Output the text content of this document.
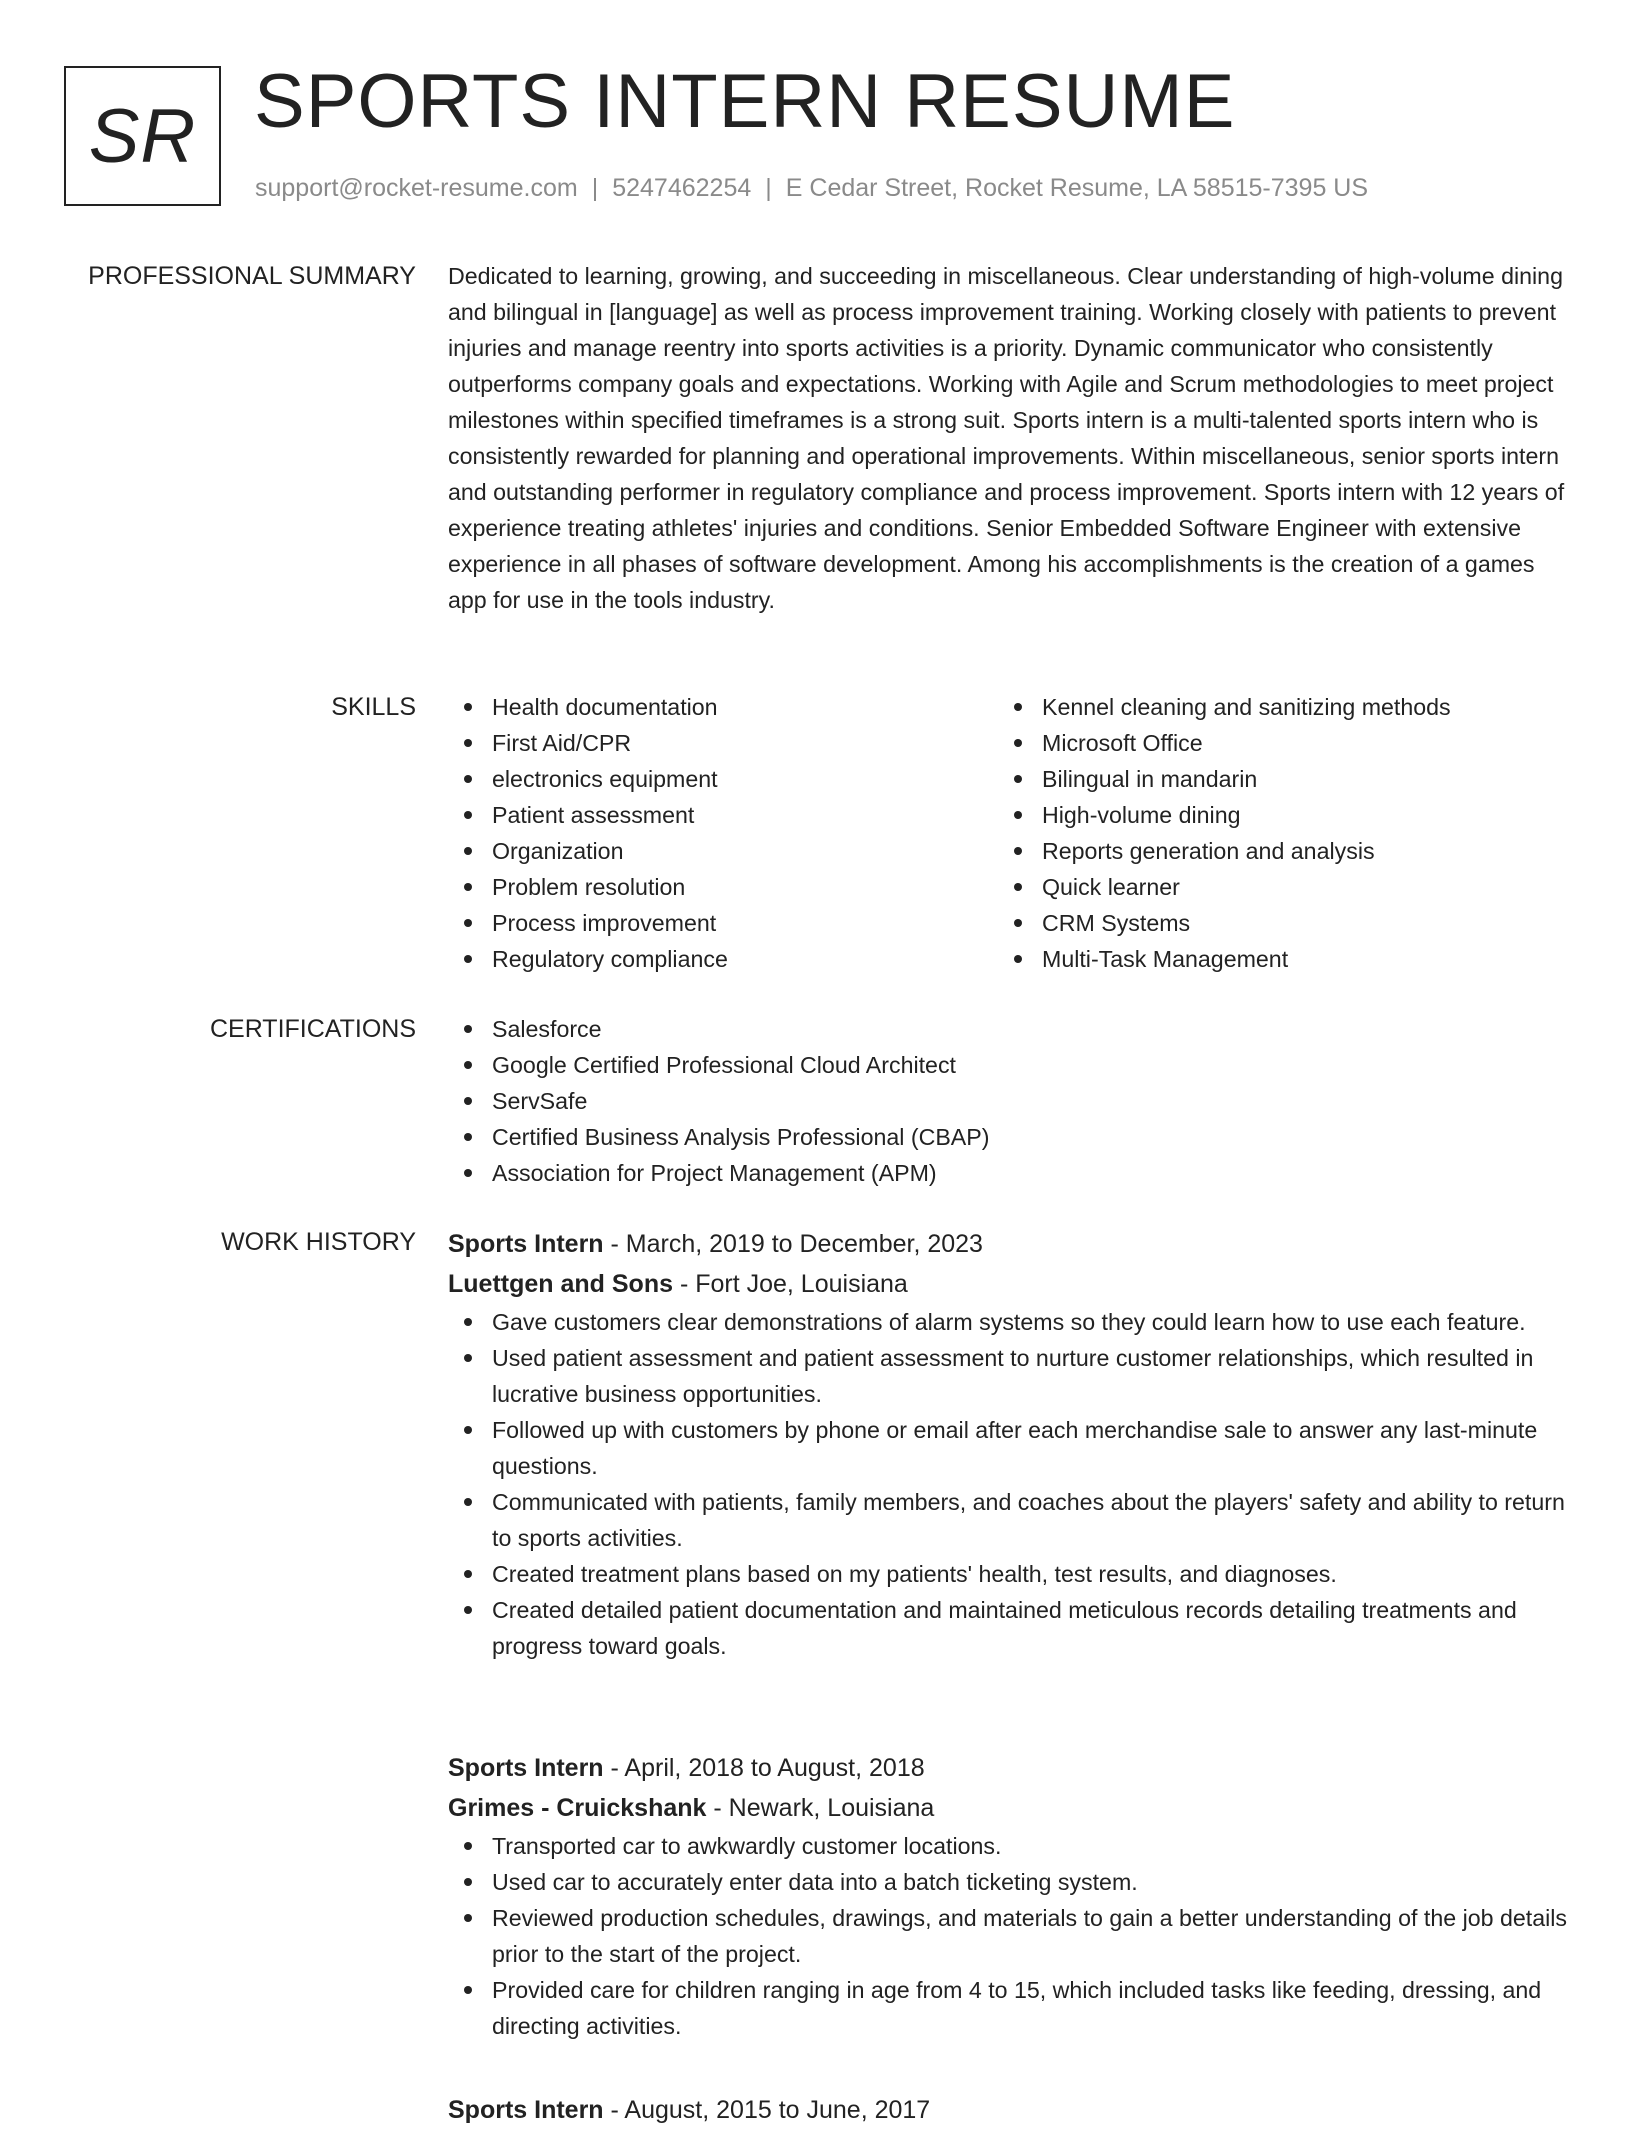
SR SPORTS INTERN RESUME
support@rocket-resume.com | 5247462254 | E Cedar Street, Rocket Resume, LA 58515-7395 US
PROFESSIONAL SUMMARY Dedicated to learning, growing, and succeeding in miscellaneous. Clear understanding of high-volume dining and bilingual in [language] as well as process improvement training. Working closely with patients to prevent injuries and manage reentry into sports activities is a priority. Dynamic communicator who consistently outperforms company goals and expectations. Working with Agile and Scrum methodologies to meet project milestones within specified timeframes is a strong suit. Sports intern is a multi-talented sports intern who is consistently rewarded for planning and operational improvements. Within miscellaneous, senior sports intern and outstanding performer in regulatory compliance and process improvement. Sports intern with 12 years of experience treating athletes' injuries and conditions. Senior Embedded Software Engineer with extensive experience in all phases of software development. Among his accomplishments is the creation of a games app for use in the tools industry.

SKILLS	Health documentation
First Aid/CPR
electronics equipment
Patient assessment
Organization
Problem resolution
Process improvement
Regulatory compliance
Kennel cleaning and sanitizing methods
Microsoft Office
Bilingual in mandarin
High-volume dining
Reports generation and analysis
Quick learner
CRM Systems
Multi-Task Management
CERTIFICATIONS	Salesforce
Google Certified Professional Cloud Architect
ServSafe
Certified Business Analysis Professional (CBAP)
Association for Project Management (APM)
WORK HISTORY Sports Intern - March, 2019 to December, 2023
Luettgen and Sons - Fort Joe, Louisiana
Gave customers clear demonstrations of alarm systems so they could learn how to use each feature.
Used patient assessment and patient assessment to nurture customer relationships, which resulted in lucrative business opportunities.
Followed up with customers by phone or email after each merchandise sale to answer any last-minute questions.
Communicated with patients, family members, and coaches about the players' safety and ability to return to sports activities.
Created treatment plans based on my patients' health, test results, and diagnoses.
Created detailed patient documentation and maintained meticulous records detailing treatments and progress toward goals.
Sports Intern - April, 2018 to August, 2018
Grimes - Cruickshank - Newark, Louisiana
Transported car to awkwardly customer locations.
Used car to accurately enter data into a batch ticketing system.
Reviewed production schedules, drawings, and materials to gain a better understanding of the job details prior to the start of the project.
Provided care for children ranging in age from 4 to 15, which included tasks like feeding, dressing, and directing activities.
Sports Intern - August, 2015 to June, 2017
